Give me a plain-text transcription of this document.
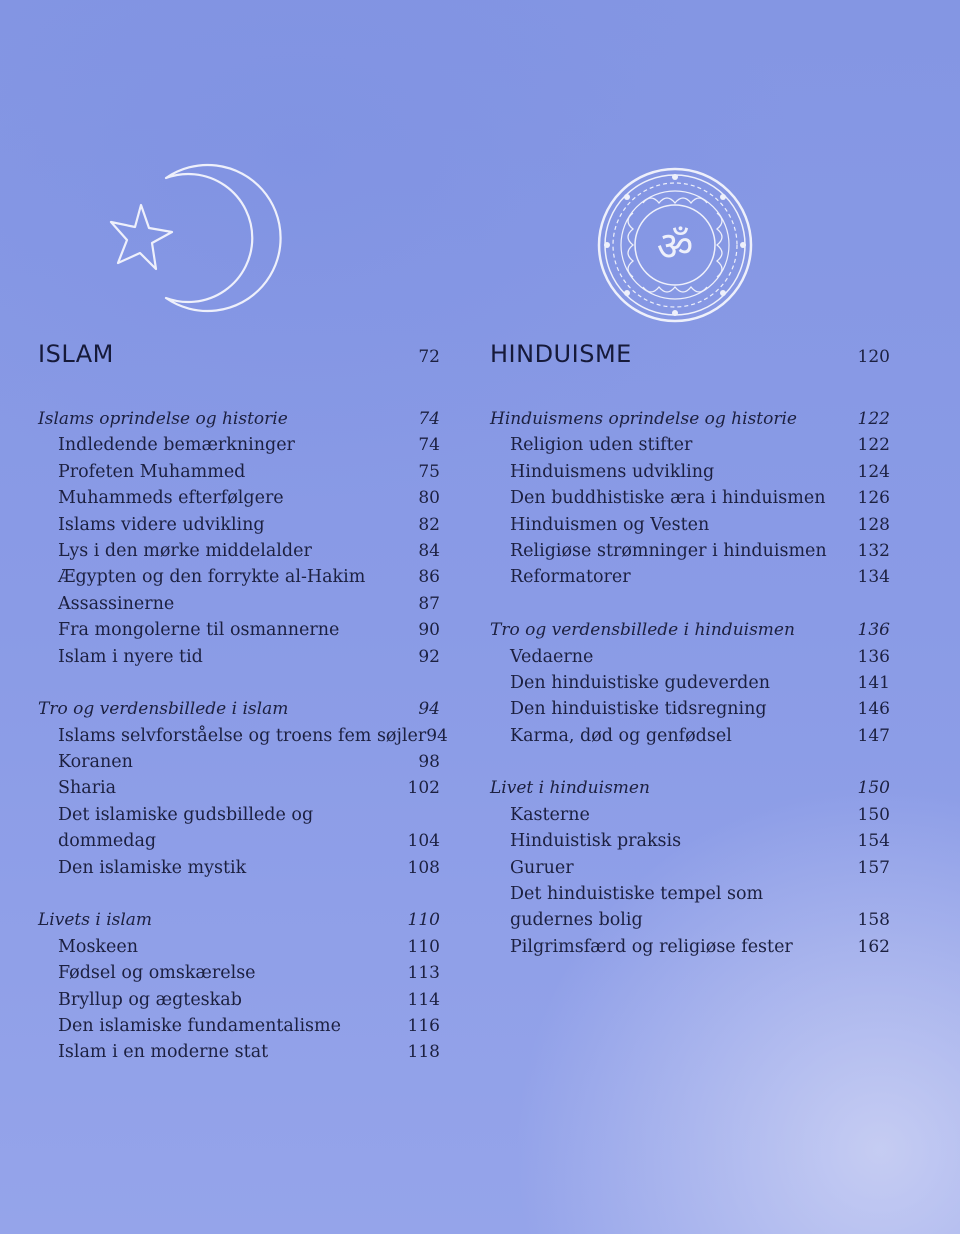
ॐ
ISLAM	72
Islams oprindelse og historie	74
Indledende bemærkninger	74
Profeten Muhammed	75
Muhammeds efterfølgere	80
Islams videre udvikling	82
Lys i den mørke middelalder	84
Ægypten og den forrykte al-Hakim	86
Assassinerne	87
Fra mongolerne til osmannerne	90
Islam i nyere tid	92
Tro og verdensbillede i islam	94
Islams selvforståelse og troens fem søjler 94
Koranen	98
Sharia	102
Det islamiske gudsbillede og
dommedag	104
Den islamiske mystik	108
Livets i islam	110
Moskeen	110
Fødsel og omskærelse	113
Bryllup og ægteskab	114
Den islamiske fundamentalisme	116
Islam i en moderne stat	118
HINDUISME	120
Hinduismens oprindelse og historie	122
Religion uden stifter	122
Hinduismens udvikling	124
Den buddhistiske æra i hinduismen 126
Hinduismen og Vesten	128
Religiøse strømninger i hinduismen 132
Reformatorer	134
Tro og verdensbillede i hinduismen	136
Vedaerne	136
Den hinduistiske gudeverden	141
Den hinduistiske tidsregning	146
Karma, død og genfødsel	147
Livet i hinduismen	150
Kasterne	150
Hinduistisk praksis	154
Guruer	157
Det hinduistiske tempel som
gudernes bolig	158
Pilgrimsfærd og religiøse fester	162
